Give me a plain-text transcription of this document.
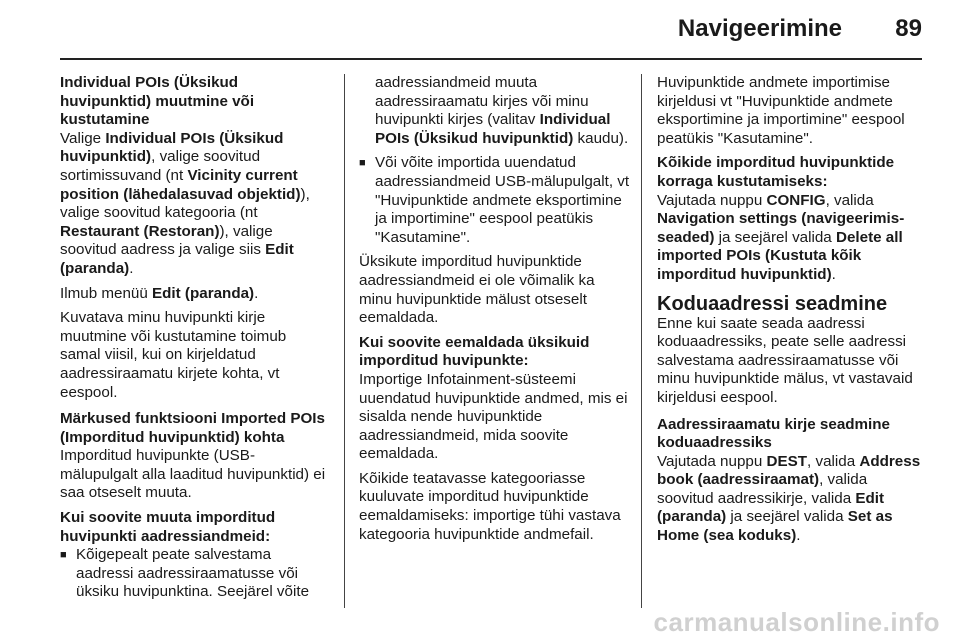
Navigeerimine 89
Individual POIs (Üksikud huvipunktid) muutmine või kustutamine

Valige Individual POIs (Üksikud huvipunktid), valige soovitud sortimissuvand (nt Vicinity current position (lähedalasuvad objektid)), valige soovitud kategooria (nt Restaurant (Restoran)), valige soovitud aadress ja valige siis Edit (paranda).

Ilmub menüü Edit (paranda).

Kuvatava minu huvipunkti kirje muutmine või kustutamine toimub samal viisil, kui on kirjeldatud aadressiraamatu kirjete kohta, vt eespool.

Märkused funktsiooni Imported POIs (Imporditud huvipunktid) kohta

Imporditud huvipunkte (USB-mälupulgalt alla laaditud huvipunktid) ei saa otseselt muuta.

Kui soovite muuta imporditud huvipunkti aadressiandmeid:
■ Kõigepealt peate salvestama aadressi aadressiraamatusse või üksiku huvipunktina. Seejärel võite

aadressiandmeid muuta aadressiraamatu kirjes või minu huvipunkti kirjes (valitav Individual POIs (Üksikud huvipunktid) kaudu).

■ Või võite importida uuendatud aadressiandmeid USB-mälupulgalt, vt "Huvipunktide andmete eksportimine ja importimine" eespool peatükis "Kasutamine".

Üksikute imporditud huvipunktide aadressiandmeid ei ole võimalik ka minu huvipunktide mälust otseselt eemaldada.

Kui soovite eemaldada üksikuid imporditud huvipunkte:

Importige Infotainment-süsteemi uuendatud huvipunktide andmed, mis ei sisalda nende huvipunktide aadressiandmeid, mida soovite eemaldada.

Kõikide teatavasse kategooriasse kuuluvate imporditud huvipunktide eemaldamiseks: importige tühi vastava kategooria huvipunktide andmefail.

Huvipunktide andmete importimise kirjeldusi vt "Huvipunktide andmete eksportimine ja importimine" eespool peatükis "Kasutamine".

Kõikide imporditud huvipunktide korraga kustutamiseks:

Vajutada nuppu CONFIG, valida Navigation settings (navigeerimis-seaded) ja seejärel valida Delete all imported POIs (Kustuta kõik imporditud huvipunktid).

Koduaadressi seadmine

Enne kui saate seada aadressi koduaadressiks, peate selle aadressi salvestama aadressiraamatusse või minu huvipunktide mälus, vt vastavaid kirjeldusi eespool.

Aadressiraamatu kirje seadmine koduaadressiks

Vajutada nuppu DEST, valida Address book (aadressiraamat), valida soovitud aadressikirje, valida Edit (paranda) ja seejärel valida Set as Home (sea koduks).

carmanualsonline.info
